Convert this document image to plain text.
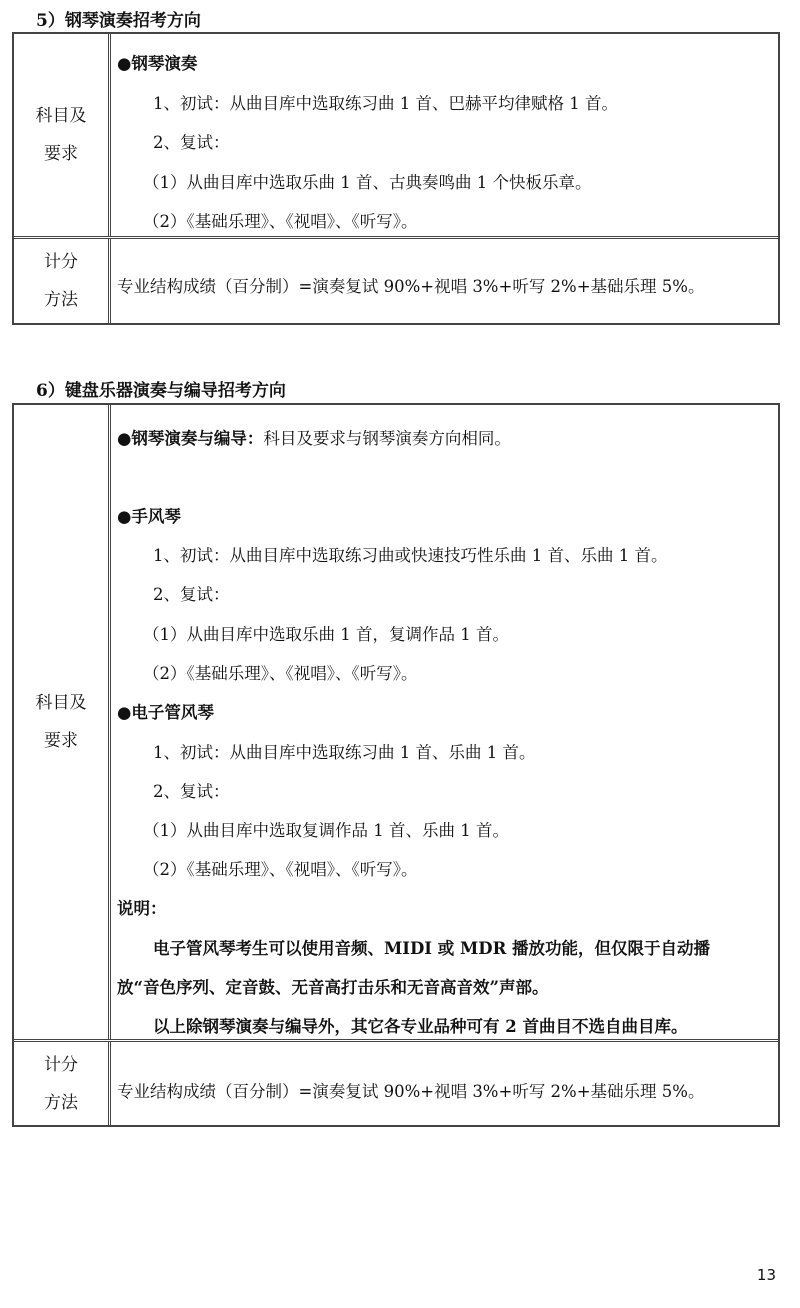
5）钢琴演奏招考方向
科目及
要求
●钢琴演奏
1、初试：从曲目库中选取练习曲 1 首、巴赫平均律赋格 1 首。
2、复试：
（1）从曲目库中选取乐曲 1 首、古典奏鸣曲 1 个快板乐章。
（2）《基础乐理》、《视唱》、《听写》。
计分
方法
专业结构成绩（百分制）=演奏复试 90%+视唱 3%+听写 2%+基础乐理 5%。
6）键盘乐器演奏与编导招考方向
科目及
要求
●钢琴演奏与编导：科目及要求与钢琴演奏方向相同。
●手风琴
1、初试：从曲目库中选取练习曲或快速技巧性乐曲 1 首、乐曲 1 首。
2、复试：
（1）从曲目库中选取乐曲 1 首，复调作品 1 首。
（2）《基础乐理》、《视唱》、《听写》。
●电子管风琴
1、初试：从曲目库中选取练习曲 1 首、乐曲 1 首。
2、复试：
（1）从曲目库中选取复调作品 1 首、乐曲 1 首。
（2）《基础乐理》、《视唱》、《听写》。
说明：
电子管风琴考生可以使用音频、MIDI 或 MDR 播放功能，但仅限于自动播
放“音色序列、定音鼓、无音高打击乐和无音高音效”声部。
以上除钢琴演奏与编导外，其它各专业品种可有 2 首曲目不选自曲目库。
计分
方法
专业结构成绩（百分制）=演奏复试 90%+视唱 3%+听写 2%+基础乐理 5%。
13
